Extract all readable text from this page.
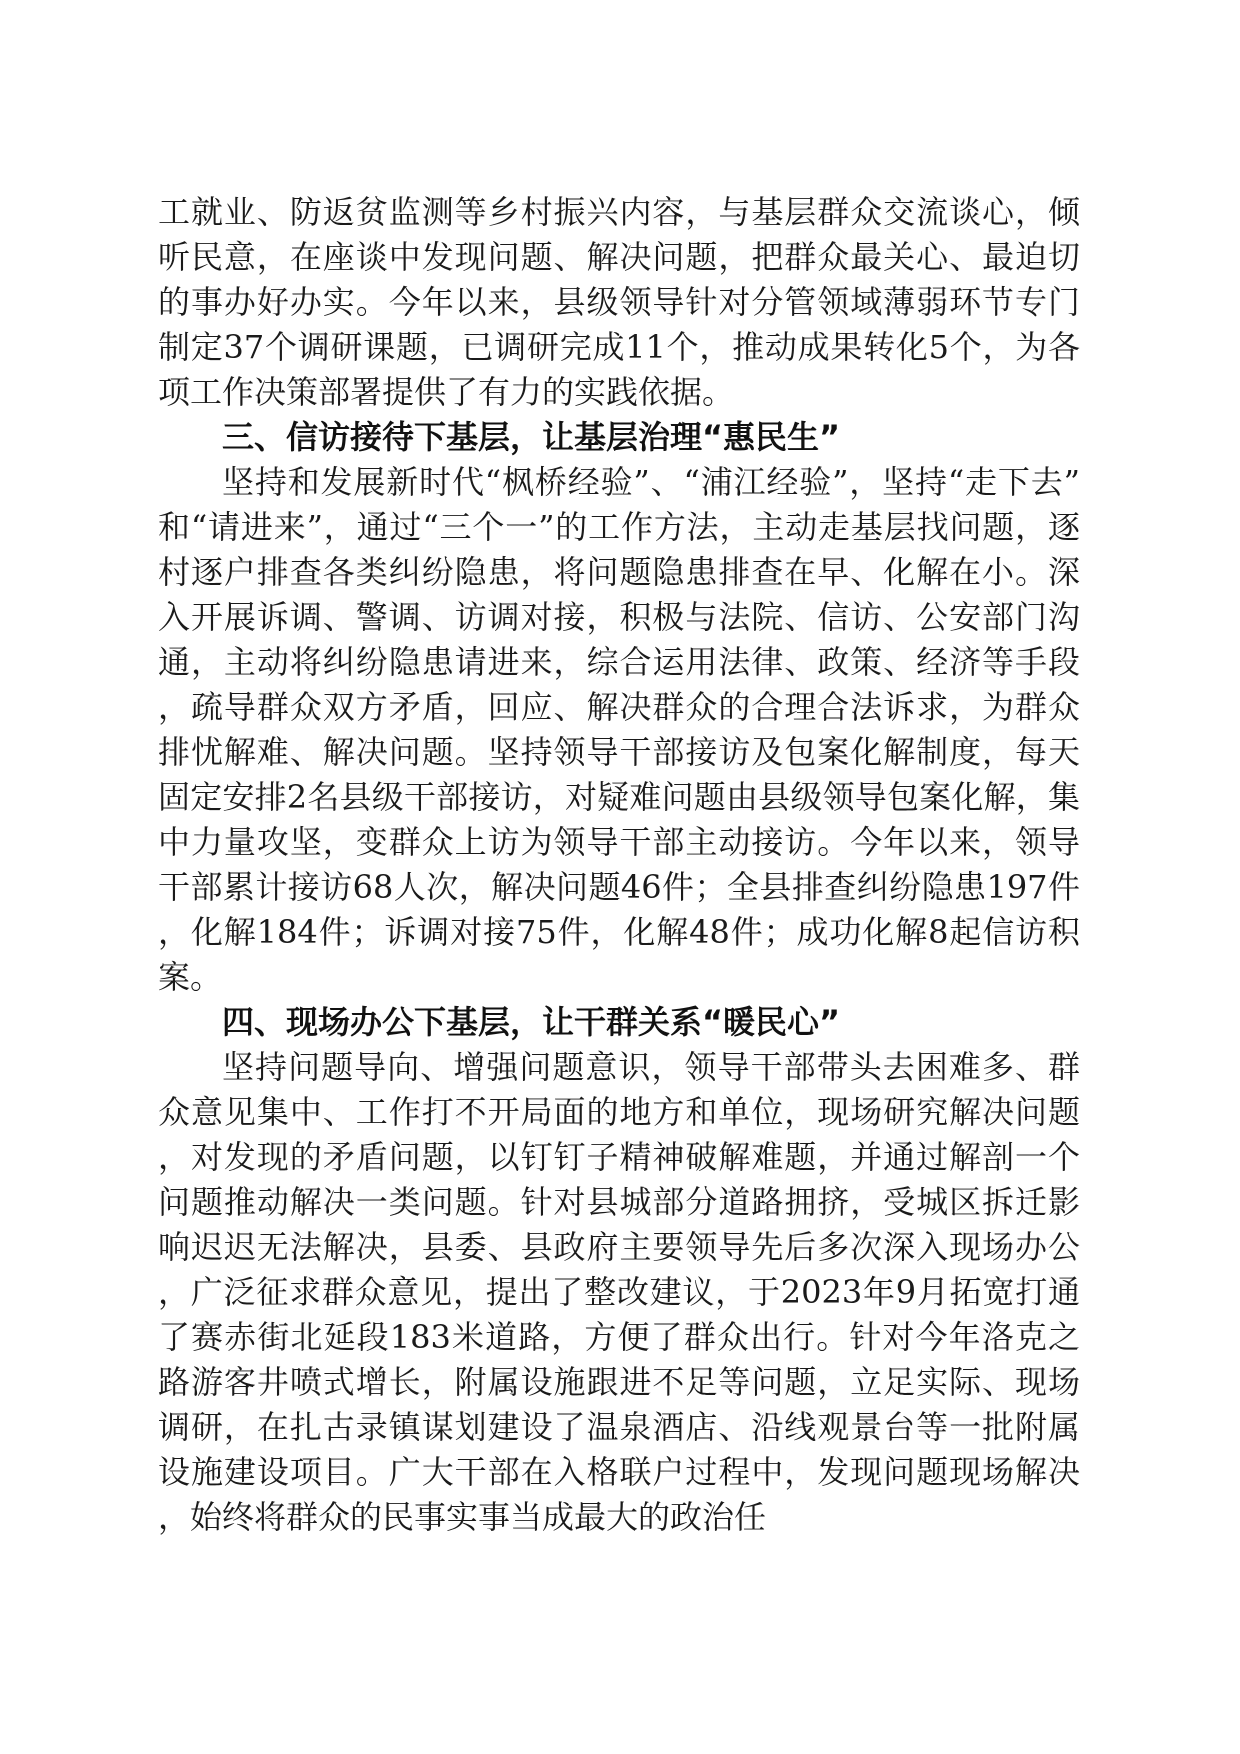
工就业、防返贫监测等乡村振兴内容，与基层群众交流谈心，倾听民意，在座谈中发现问题、解决问题，把群众最关心、最迫切的事办好办实。今年以来，县级领导针对分管领域薄弱环节专门制定37个调研课题，已调研完成11个，推动成果转化5个，为各项工作决策部署提供了有力的实践依据。

三、信访接待下基层，让基层治理“惠民生”

坚持和发展新时代“枫桥经验”、“浦江经验”，坚持“走下去”和“请进来”，通过“三个一”的工作方法，主动走基层找问题，逐村逐户排查各类纠纷隐患，将问题隐患排查在早、化解在小。深入开展诉调、警调、访调对接，积极与法院、信访、公安部门沟通，主动将纠纷隐患请进来，综合运用法律、政策、经济等手段，疏导群众双方矛盾，回应、解决群众的合理合法诉求，为群众排忧解难、解决问题。坚持领导干部接访及包案化解制度，每天固定安排2名县级干部接访，对疑难问题由县级领导包案化解，集中力量攻坚，变群众上访为领导干部主动接访。今年以来，领导干部累计接访68人次，解决问题46件；全县排查纠纷隐患197件，化解184件；诉调对接75件，化解48件；成功化解8起信访积案。

四、现场办公下基层，让干群关系“暖民心”

坚持问题导向、增强问题意识，领导干部带头去困难多、群众意见集中、工作打不开局面的地方和单位，现场研究解决问题，对发现的矛盾问题，以钉钉子精神破解难题，并通过解剖一个问题推动解决一类问题。针对县城部分道路拥挤，受城区拆迁影响迟迟无法解决，县委、县政府主要领导先后多次深入现场办公，广泛征求群众意见，提出了整改建议，于2023年9月拓宽打通了赛赤街北延段183米道路，方便了群众出行。针对今年洛克之路游客井喷式增长，附属设施跟进不足等问题，立足实际、现场调研，在扎古录镇谋划建设了温泉酒店、沿线观景台等一批附属设施建设项目。广大干部在入格联户过程中，发现问题现场解决，始终将群众的民事实事当成最大的政治任
